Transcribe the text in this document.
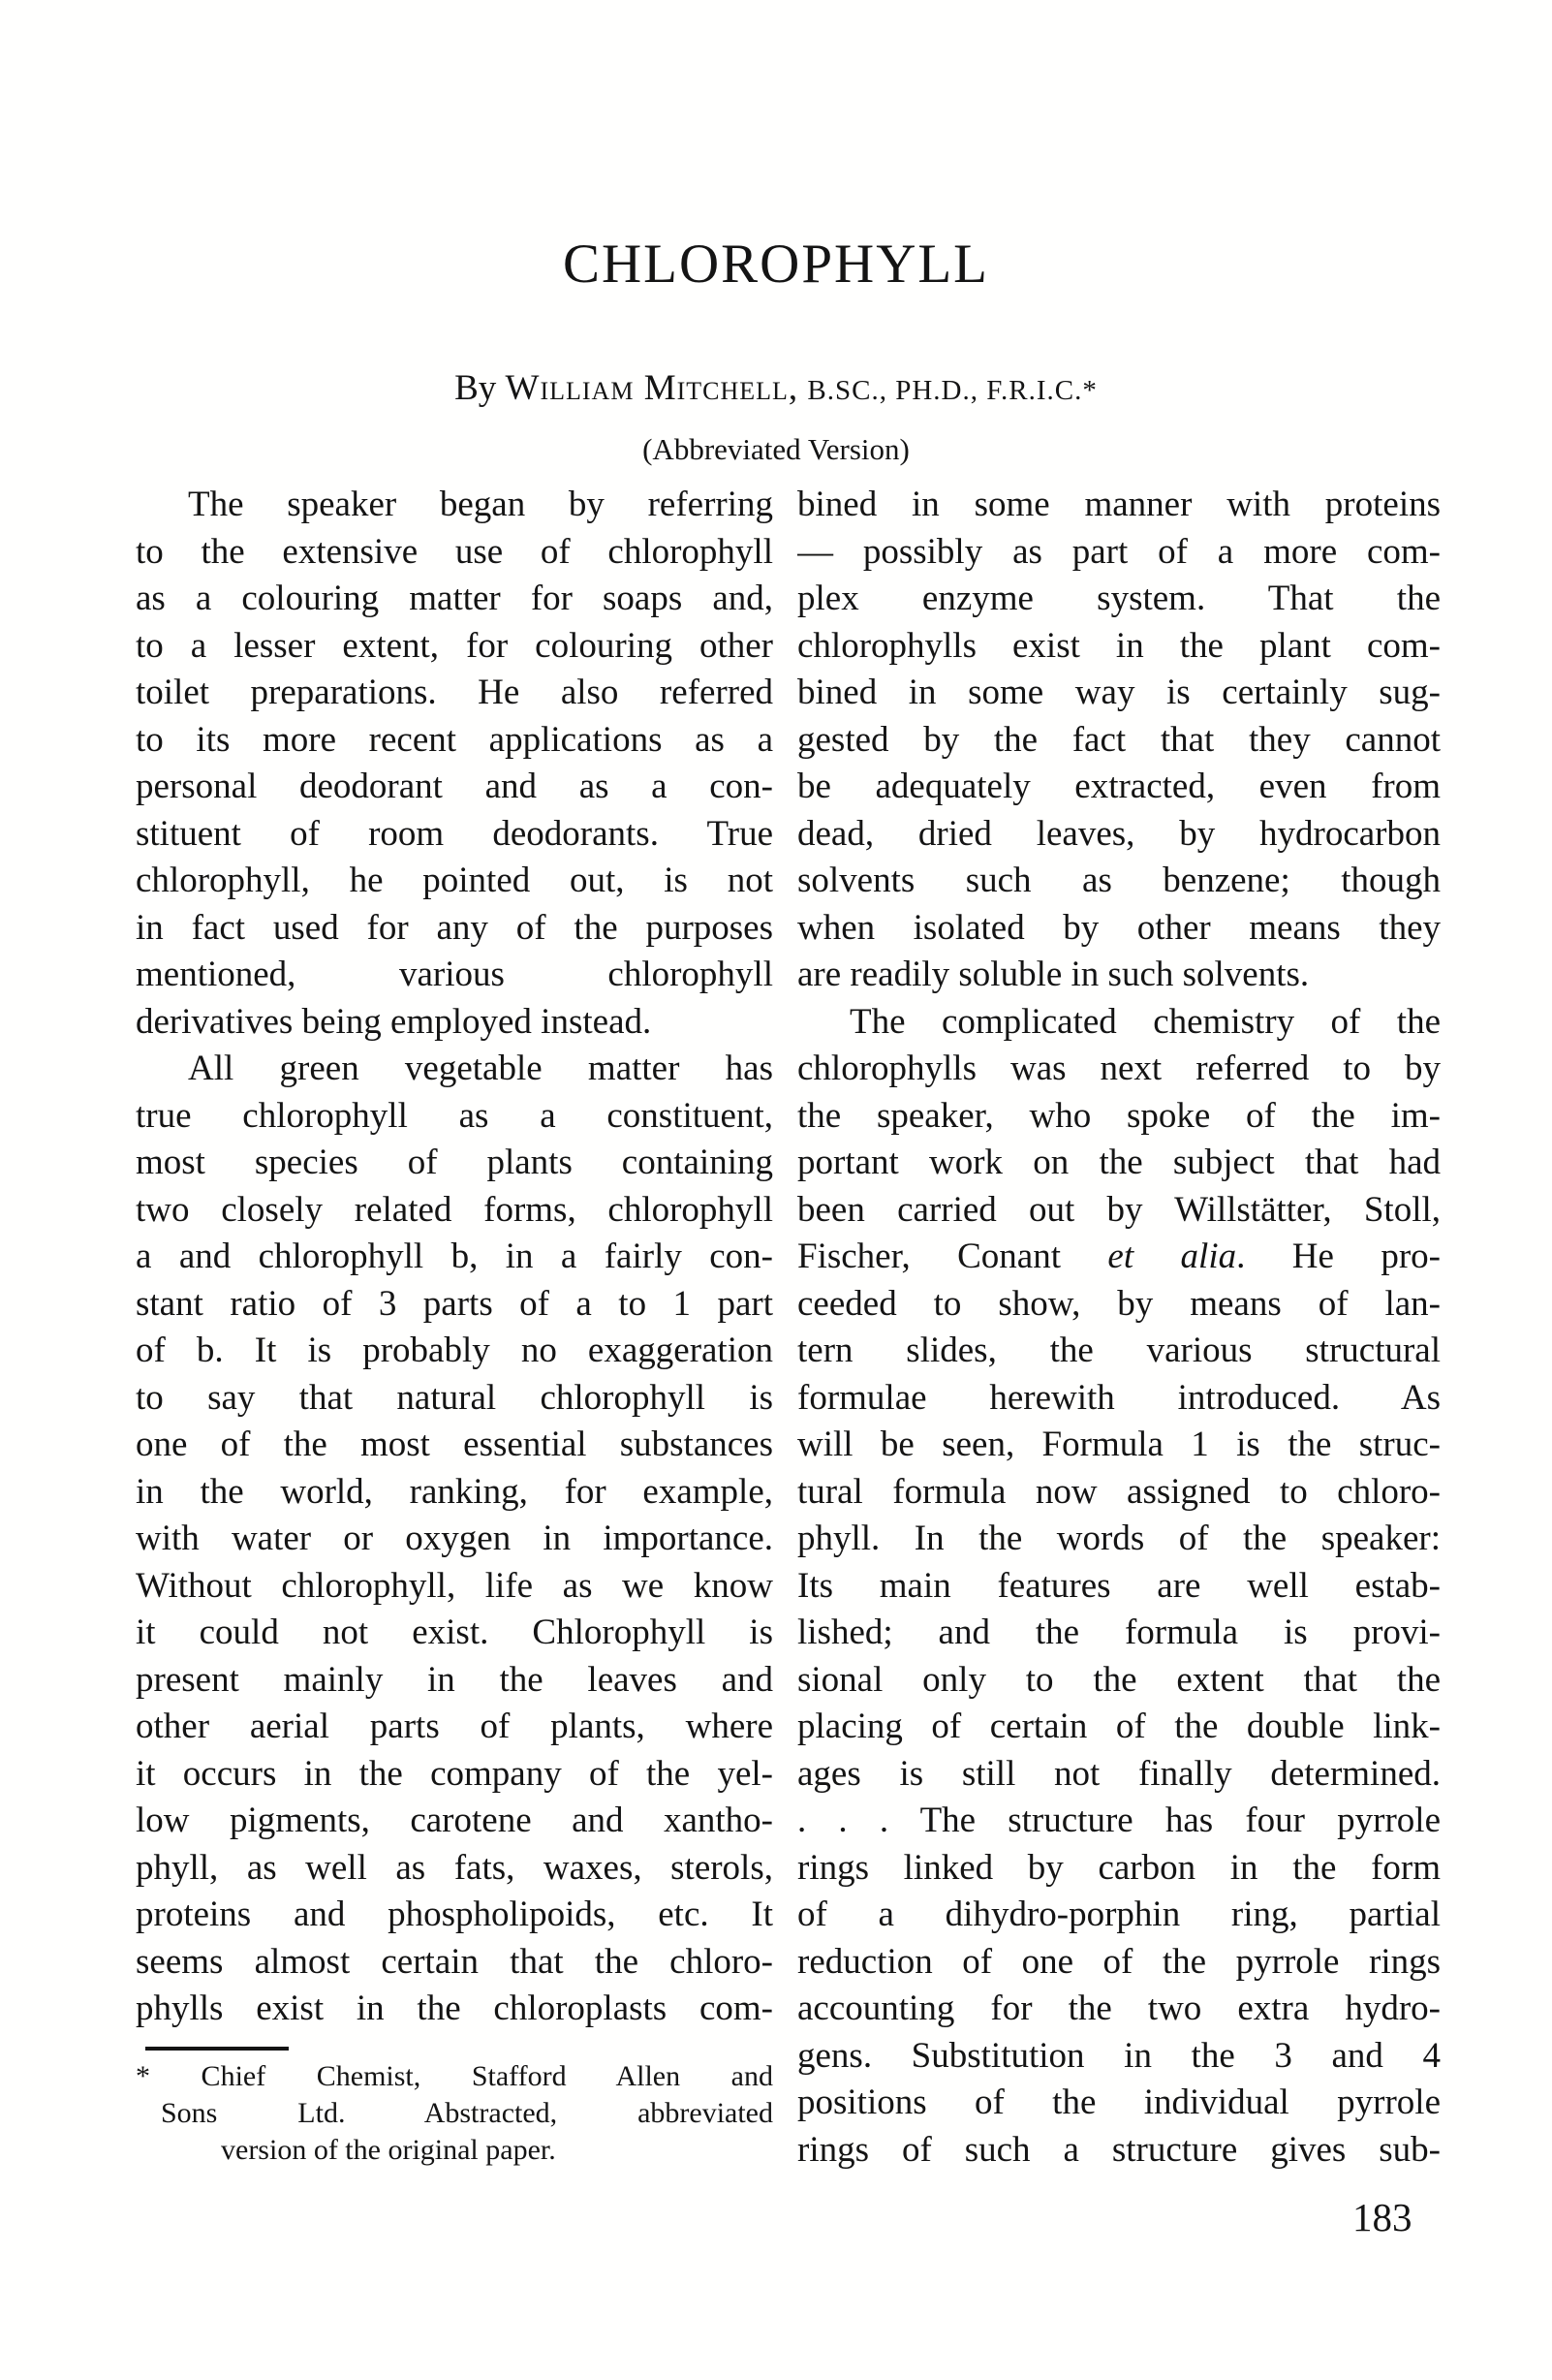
CHLOROPHYLL
By William Mitchell, B.SC., PH.D., F.R.I.C.*
(Abbreviated Version)
The speaker began by referring
to the extensive use of chlorophyll
as a colouring matter for soaps and,
to a lesser extent, for colouring other
toilet preparations. He also referred
to its more recent applications as a
personal deodorant and as a con-
stituent of room deodorants. True
chlorophyll, he pointed out, is not
in fact used for any of the purposes
mentioned, various chlorophyll
derivatives being employed instead.
All green vegetable matter has
true chlorophyll as a constituent,
most species of plants containing
two closely related forms, chlorophyll
a and chlorophyll b, in a fairly con-
stant ratio of 3 parts of a to 1 part
of b. It is probably no exaggeration
to say that natural chlorophyll is
one of the most essential substances
in the world, ranking, for example,
with water or oxygen in importance.
Without chlorophyll, life as we know
it could not exist. Chlorophyll is
present mainly in the leaves and
other aerial parts of plants, where
it occurs in the company of the yel-
low pigments, carotene and xantho-
phyll, as well as fats, waxes, sterols,
proteins and phospholipoids, etc. It
seems almost certain that the chloro-
phylls exist in the chloroplasts com-
bined in some manner with proteins
— possibly as part of a more com-
plex enzyme system. That the
chlorophylls exist in the plant com-
bined in some way is certainly sug-
gested by the fact that they cannot
be adequately extracted, even from
dead, dried leaves, by hydrocarbon
solvents such as benzene; though
when isolated by other means they
are readily soluble in such solvents.
The complicated chemistry of the
chlorophylls was next referred to by
the speaker, who spoke of the im-
portant work on the subject that had
been carried out by Willstätter, Stoll,
Fischer, Conant et alia. He pro-
ceeded to show, by means of lan-
tern slides, the various structural
formulae herewith introduced. As
will be seen, Formula 1 is the struc-
tural formula now assigned to chloro-
phyll. In the words of the speaker:
Its main features are well estab-
lished; and the formula is provi-
sional only to the extent that the
placing of certain of the double link-
ages is still not finally determined.
. . . The structure has four pyrrole
rings linked by carbon in the form
of a dihydro-porphin ring, partial
reduction of one of the pyrrole rings
accounting for the two extra hydro-
gens. Substitution in the 3 and 4
positions of the individual pyrrole
rings of such a structure gives sub-
* Chief Chemist, Stafford Allen and
Sons Ltd. Abstracted, abbreviated
version of the original paper.
183
